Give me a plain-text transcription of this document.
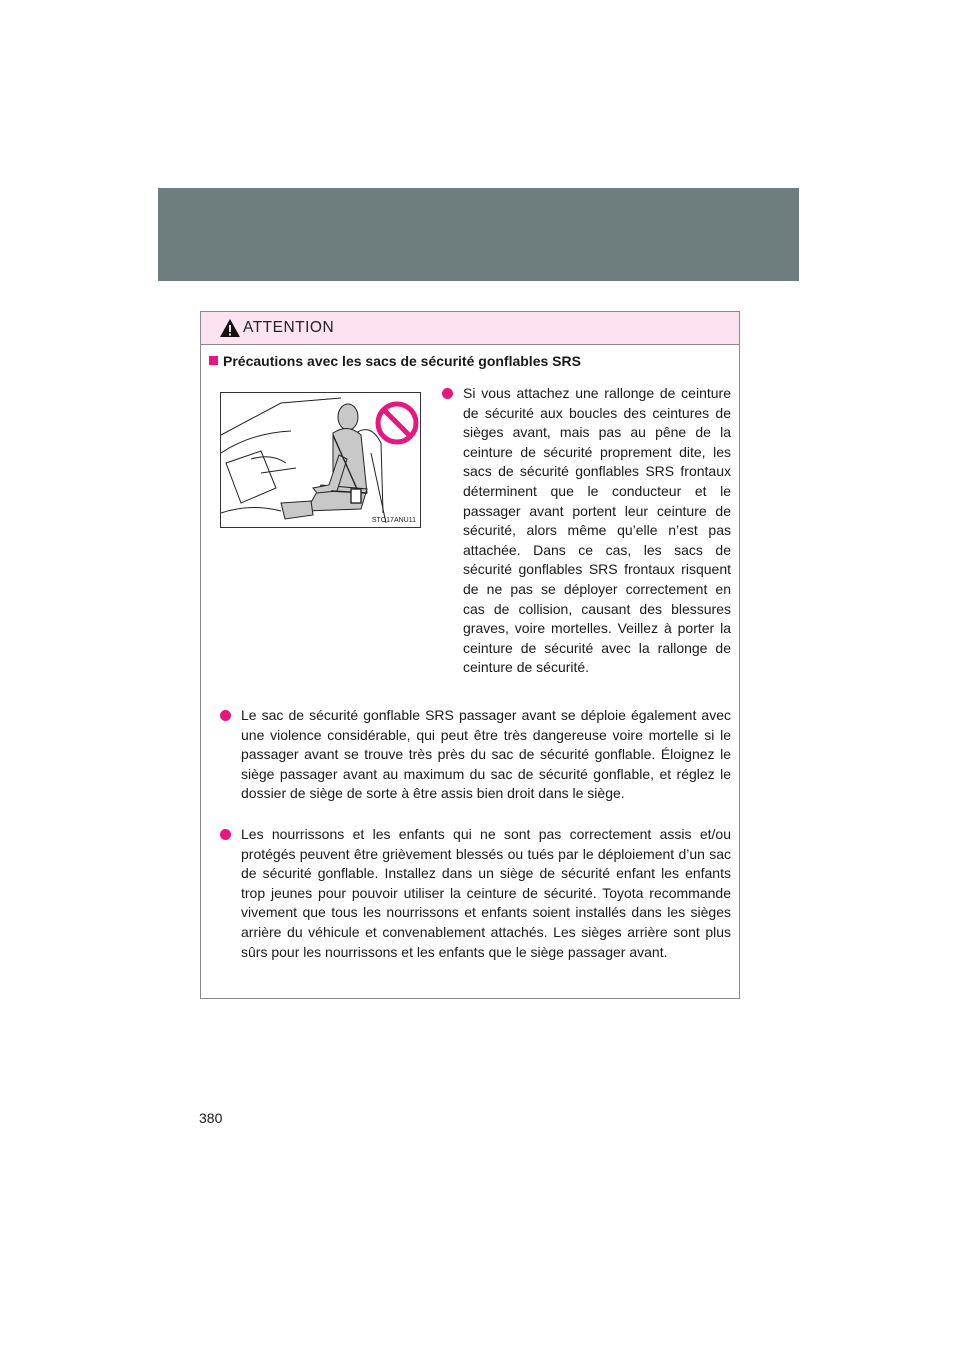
ATTENTION
Précautions avec les sacs de sécurité gonflables SRS
STO17ANU11
Si vous attachez une rallonge de ceinture de sécurité aux boucles des ceintures de sièges avant, mais pas au pêne de la ceinture de sécurité proprement dite, les sacs de sécurité gonflables SRS frontaux déterminent que le conducteur et le passager avant portent leur ceinture de sécurité, alors même qu’elle n’est pas attachée. Dans ce cas, les sacs de sécurité gonflables SRS frontaux risquent de ne pas se déployer correctement en cas de collision, causant des blessures graves, voire mortelles. Veillez à porter la ceinture de sécurité avec la rallonge de ceinture de sécurité.
Le sac de sécurité gonflable SRS passager avant se déploie également avec une violence considérable, qui peut être très dangereuse voire mortelle si le passager avant se trouve très près du sac de sécurité gonflable. Éloignez le siège passager avant au maximum du sac de sécurité gonflable, et réglez le dossier de siège de sorte à être assis bien droit dans le siège.
Les nourrissons et les enfants qui ne sont pas correctement assis et/ou protégés peuvent être grièvement blessés ou tués par le déploiement d’un sac de sécurité gonflable. Installez dans un siège de sécurité enfant les enfants trop jeunes pour pouvoir utiliser la ceinture de sécurité. Toyota recommande vivement que tous les nourrissons et enfants soient installés dans les sièges arrière du véhicule et convenablement attachés. Les sièges arrière sont plus sûrs pour les nourrissons et les enfants que le siège passager avant.
380
